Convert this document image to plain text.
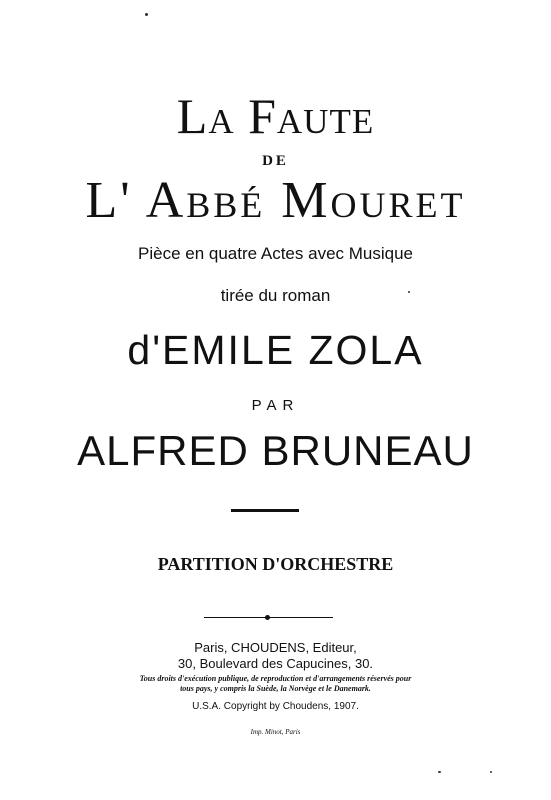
La Faute
DE
L' Abbé Mouret
Pièce en quatre Actes avec Musique
tirée du roman
d'EMILE ZOLA
PAR
ALFRED BRUNEAU
PARTITION D'ORCHESTRE
Paris, CHOUDENS, Editeur,
30, Boulevard des Capucines, 30.
Tous droits d'exécution publique, de reproduction et d'arrangements réservés pour
tous pays, y compris la Suède, la Norvège et le Danemark.
U.S.A. Copyright by Choudens, 1907.
Imp. Minot, Paris
